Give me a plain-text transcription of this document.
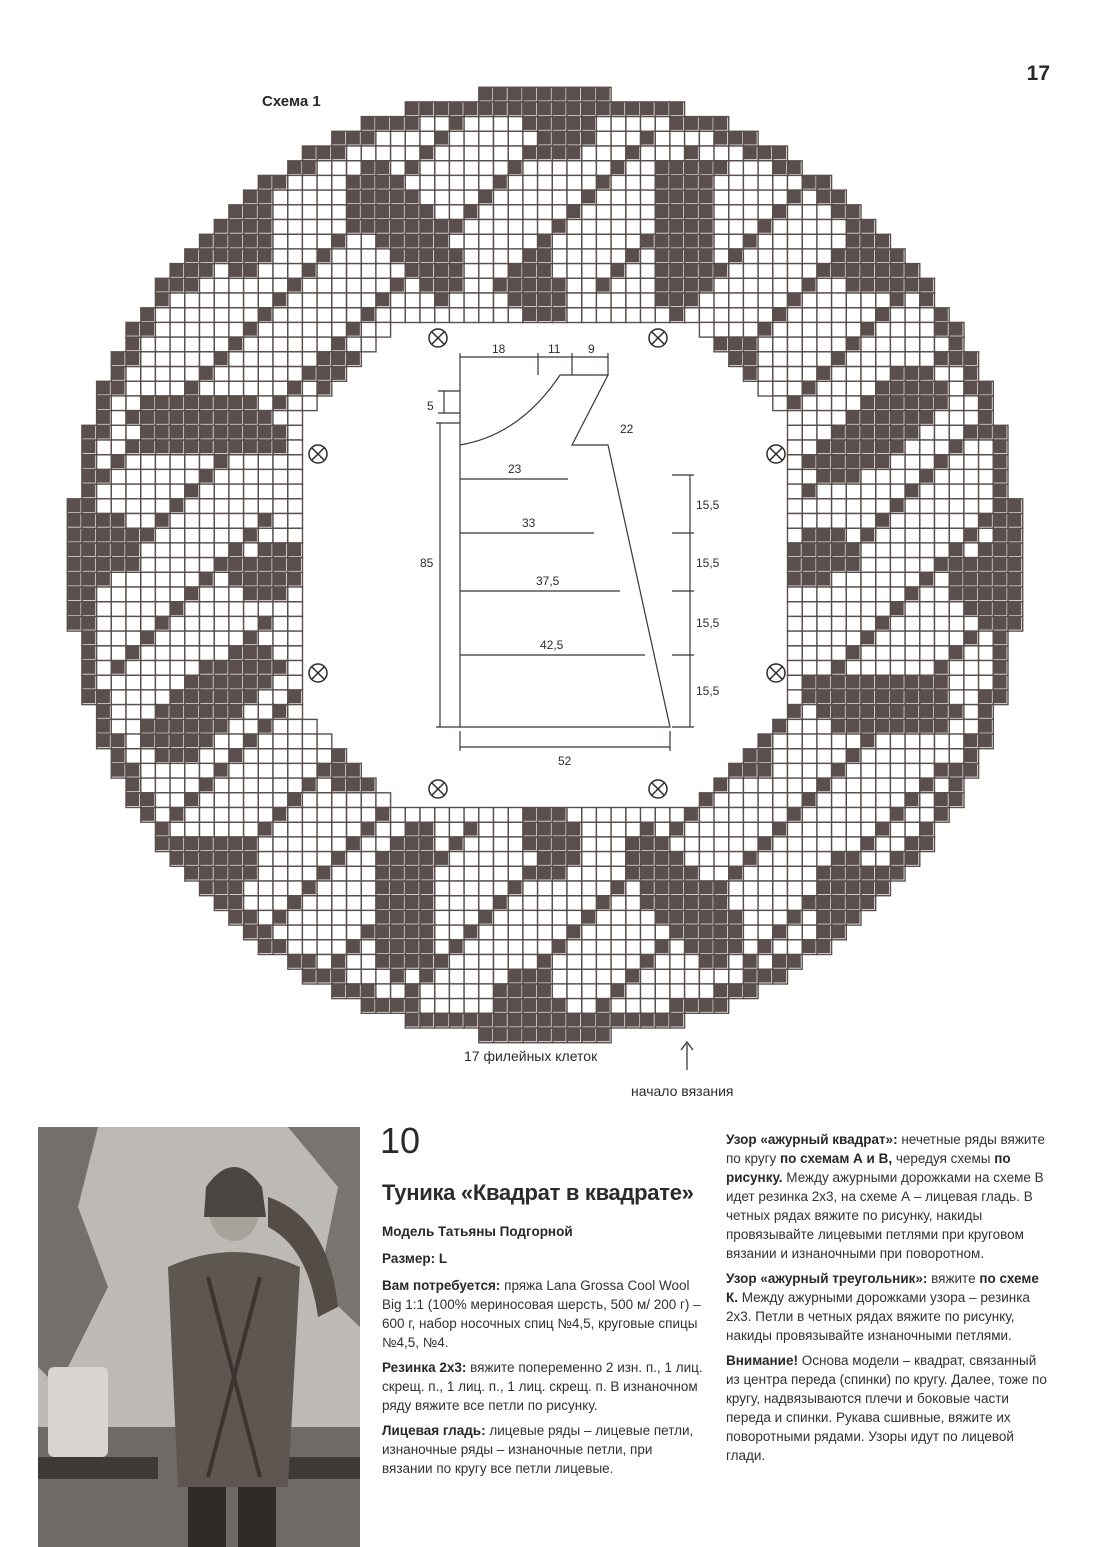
17
Схема 1
18	11 9
5
22
85
23
33
37,5
42,5
15,5
15,5
15,5
15,5
52
17 филейных клеток
начало вязания
10
Туника «Квадрат в квадрате»

Модель Татьяны Подгорной

Размер: L

Вам потребуется: пряжа Lana Grossa Cool Wool Big 1:1 (100% мериносовая шерсть, 500 м/ 200 г) – 600 г, набор носочных спиц №4,5, круговые спицы №4,5, №4.

Резинка 2х3: вяжите попеременно 2 изн. п., 1 лиц. скрещ. п., 1 лиц. п., 1 лиц. скрещ. п. В изнаночном ряду вяжите все петли по рисунку.

Лицевая гладь: лицевые ряды – лицевые петли, изнаночные ряды – изнаночные петли, при вязании по кругу все петли лицевые.

Узор «ажурный квадрат»: нечетные ряды вяжите по кругу по схемам А и В, чередуя схемы по рисунку. Между ажурными дорожками на схеме В идет резинка 2х3, на схеме А – лицевая гладь. В четных рядах вяжите по рисунку, накиды провязывайте лицевыми петлями при круговом вязании и изнаночными при поворотном.

Узор «ажурный треугольник»: вяжите по схеме К. Между ажурными дорожками узора – резинка 2х3. Петли в четных рядах вяжите по рисунку, накиды провязывайте изнаночными петлями.

Внимание! Основа модели – квадрат, связанный из центра переда (спинки) по кругу. Далее, тоже по кругу, надвязываются плечи и боковые части переда и спинки. Рукава сшивные, вяжите их поворотными рядами. Узоры идут по лицевой глади.
